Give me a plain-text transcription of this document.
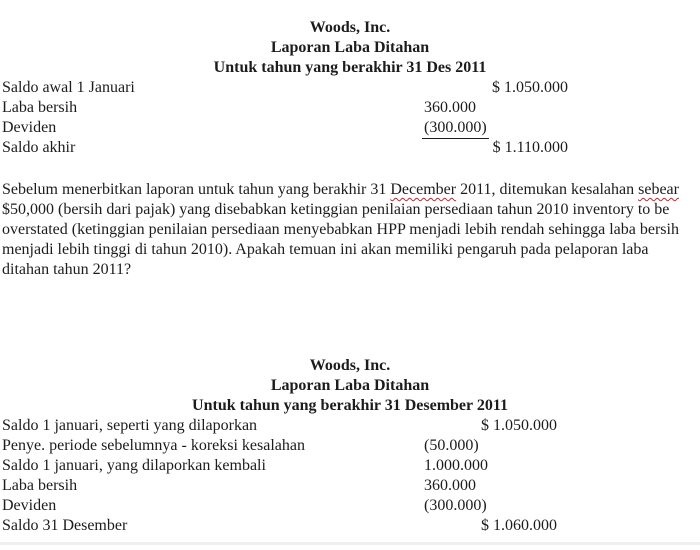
Woods, Inc.
Laporan Laba Ditahan
Untuk tahun yang berakhir 31 Des 2011
Saldo awal 1 Januari	$ 1.050.000
Laba bersih	360.000
Deviden	(300.000)
Saldo akhir	$ 1.110.000
Sebelum menerbitkan laporan untuk tahun yang berakhir 31 December 2011, ditemukan kesalahan sebear
$50,000 (bersih dari pajak) yang disebabkan ketinggian penilaian persediaan tahun 2010 inventory to be
overstated (ketinggian penilaian persediaan menyebabkan HPP menjadi lebih rendah sehingga laba bersih
menjadi lebih tinggi di tahun 2010). Apakah temuan ini akan memiliki pengaruh pada pelaporan laba
ditahan tahun 2011?
Woods, Inc.
Laporan Laba Ditahan
Untuk tahun yang berakhir 31 Desember 2011
Saldo 1 januari, seperti yang dilaporkan	$ 1.050.000
Penye. periode sebelumnya - koreksi kesalahan	(50.000)
Saldo 1 januari, yang dilaporkan kembali	1.000.000
Laba bersih	360.000
Deviden	(300.000)
Saldo 31 Desember	$ 1.060.000
